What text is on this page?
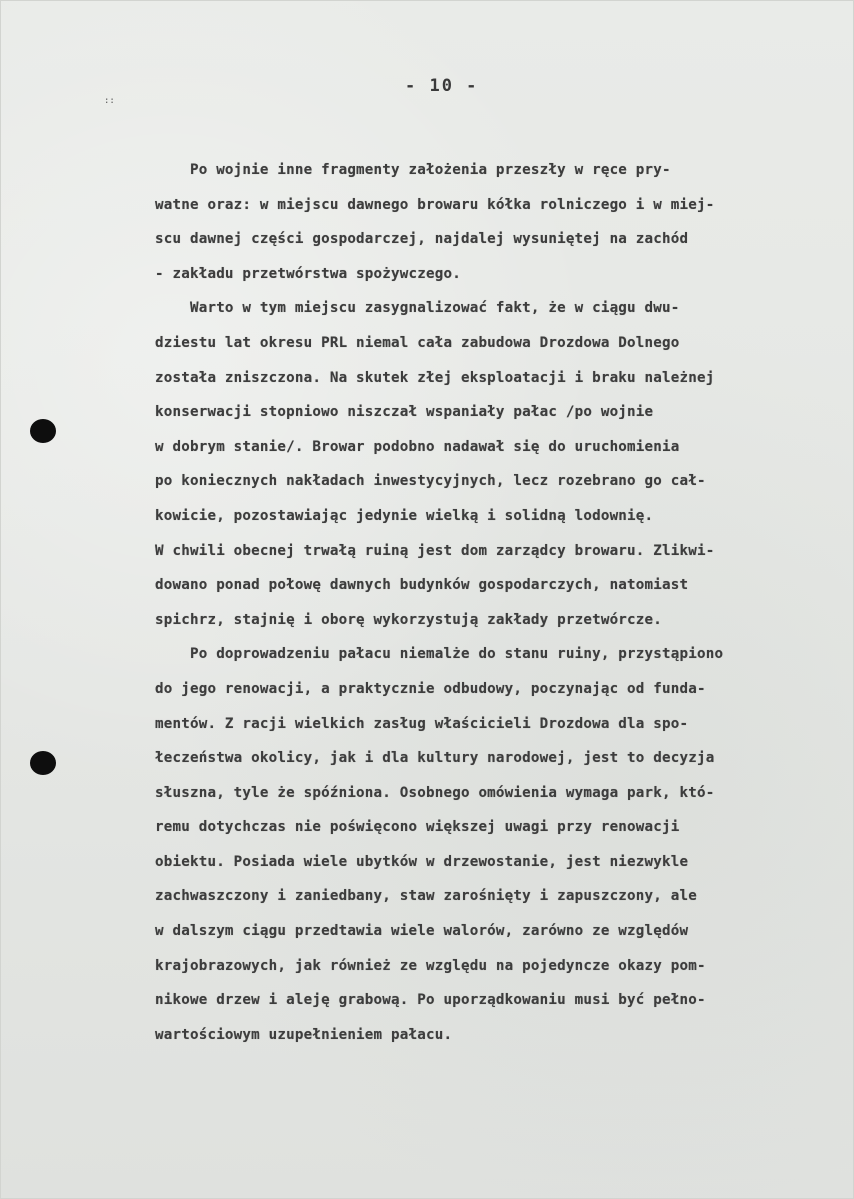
::
- 10 -
Po wojnie inne fragmenty założenia przeszły w ręce pry-
watne oraz: w miejscu dawnego browaru kółka rolniczego i w miej-
scu dawnej części gospodarczej, najdalej wysuniętej na zachód
- zakładu przetwórstwa spożywczego.
Warto w tym miejscu zasygnalizować fakt, że w ciągu dwu-
dziestu lat okresu PRL niemal cała zabudowa Drozdowa Dolnego
została zniszczona. Na skutek złej eksploatacji i braku należnej
konserwacji stopniowo niszczał wspaniały pałac /po wojnie
w dobrym stanie/. Browar podobno nadawał się do uruchomienia
po koniecznych nakładach inwestycyjnych, lecz rozebrano go cał-
kowicie, pozostawiając jedynie wielką i solidną lodownię.
W chwili obecnej trwałą ruiną jest dom zarządcy browaru. Zlikwi-
dowano ponad połowę dawnych budynków gospodarczych, natomiast
spichrz, stajnię i oborę wykorzystują zakłady przetwórcze.
Po doprowadzeniu pałacu niemalże do stanu ruiny, przystąpiono
do jego renowacji, a praktycznie odbudowy, poczynając od funda-
mentów. Z racji wielkich zasług właścicieli Drozdowa dla spo-
łeczeństwa okolicy, jak i dla kultury narodowej, jest to decyzja
słuszna, tyle że spóźniona. Osobnego omówienia wymaga park, któ-
remu dotychczas nie poświęcono większej uwagi przy renowacji
obiektu. Posiada wiele ubytków w drzewostanie, jest niezwykle
zachwaszczony i zaniedbany, staw zarośnięty i zapuszczony, ale
w dalszym ciągu przedtawia wiele walorów, zarówno ze względów
krajobrazowych, jak również ze względu na pojedyncze okazy pom-
nikowe drzew i aleję grabową. Po uporządkowaniu musi być pełno-
wartościowym uzupełnieniem pałacu.
